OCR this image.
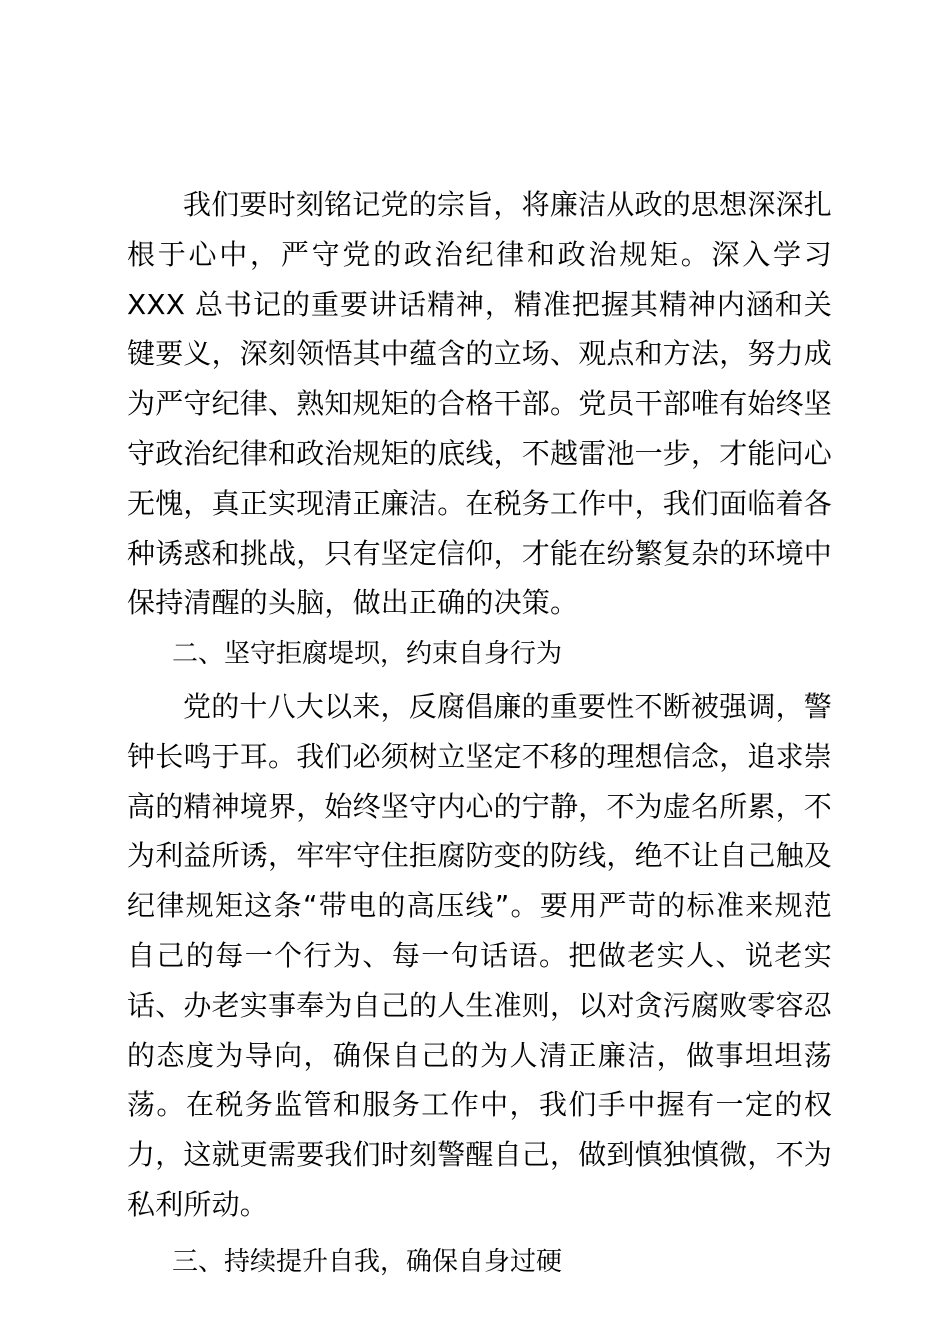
我们要时刻铭记党的宗旨，将廉洁从政的思想深深扎根于心中，严守党的政治纪律和政治规矩。深入学习 XXX 总书记的重要讲话精神，精准把握其精神内涵和关键要义，深刻领悟其中蕴含的立场、观点和方法，努力成为严守纪律、熟知规矩的合格干部。党员干部唯有始终坚守政治纪律和政治规矩的底线，不越雷池一步，才能问心无愧，真正实现清正廉洁。在税务工作中，我们面临着各种诱惑和挑战，只有坚定信仰，才能在纷繁复杂的环境中保持清醒的头脑，做出正确的决策。

二、坚守拒腐堤坝，约束自身行为

党的十八大以来，反腐倡廉的重要性不断被强调，警钟长鸣于耳。我们必须树立坚定不移的理想信念，追求崇高的精神境界，始终坚守内心的宁静，不为虚名所累，不为利益所诱，牢牢守住拒腐防变的防线，绝不让自己触及纪律规矩这条“带电的高压线”。要用严苛的标准来规范自己的每一个行为、每一句话语。把做老实人、说老实话、办老实事奉为自己的人生准则，以对贪污腐败零容忍的态度为导向，确保自己的为人清正廉洁，做事坦坦荡荡。在税务监管和服务工作中，我们手中握有一定的权力，这就更需要我们时刻警醒自己，做到慎独慎微，不为私利所动。

三、持续提升自我，确保自身过硬
